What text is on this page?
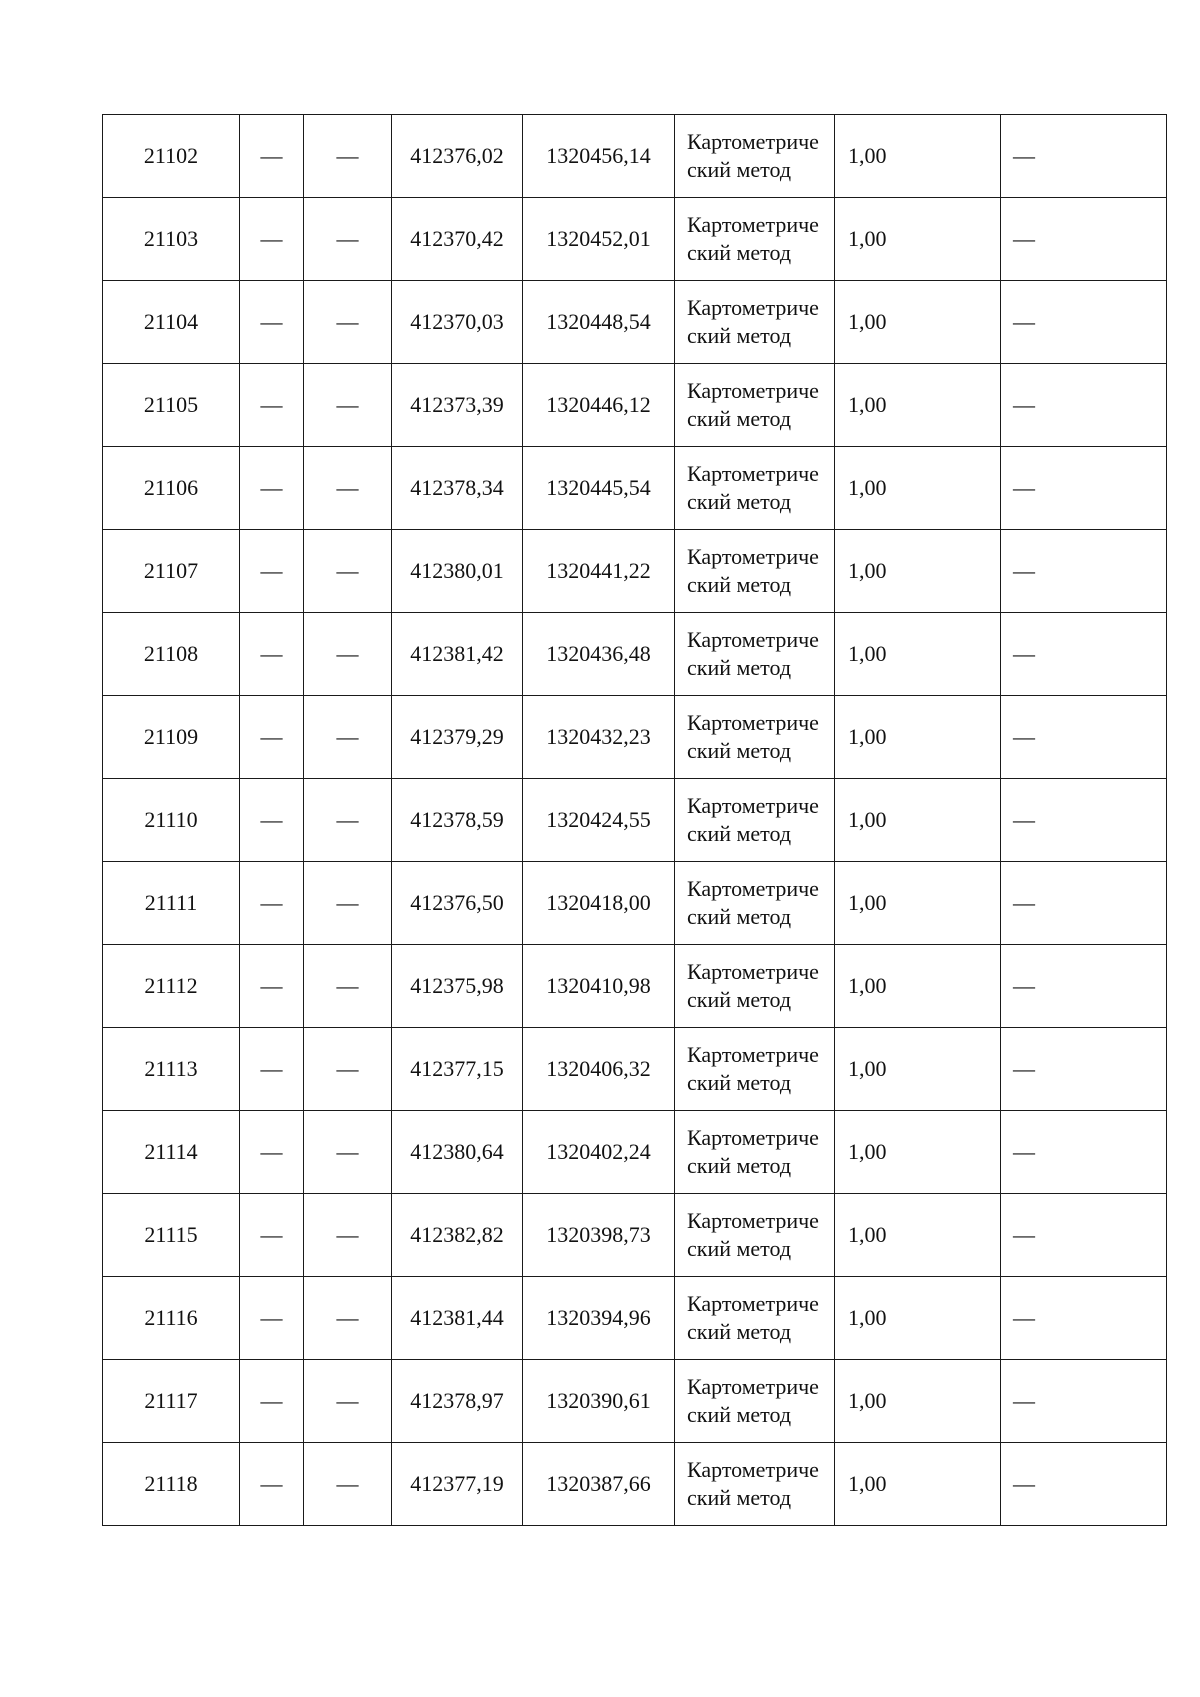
21102	—	—	412376,02	1320456,14	Картометрический метод	1,00	—
21103	—	—	412370,42	1320452,01	Картометрический метод	1,00	—
21104	—	—	412370,03	1320448,54	Картометрический метод	1,00	—
21105	—	—	412373,39	1320446,12	Картометрический метод	1,00	—
21106	—	—	412378,34	1320445,54	Картометрический метод	1,00	—
21107	—	—	412380,01	1320441,22	Картометрический метод	1,00	—
21108	—	—	412381,42	1320436,48	Картометрический метод	1,00	—
21109	—	—	412379,29	1320432,23	Картометрический метод	1,00	—
21110	—	—	412378,59	1320424,55	Картометрический метод	1,00	—
21111	—	—	412376,50	1320418,00	Картометрический метод	1,00	—
21112	—	—	412375,98	1320410,98	Картометрический метод	1,00	—
21113	—	—	412377,15	1320406,32	Картометрический метод	1,00	—
21114	—	—	412380,64	1320402,24	Картометрический метод	1,00	—
21115	—	—	412382,82	1320398,73	Картометрический метод	1,00	—
21116	—	—	412381,44	1320394,96	Картометрический метод	1,00	—
21117	—	—	412378,97	1320390,61	Картометрический метод	1,00	—
21118	—	—	412377,19	1320387,66	Картометрический метод	1,00	—
